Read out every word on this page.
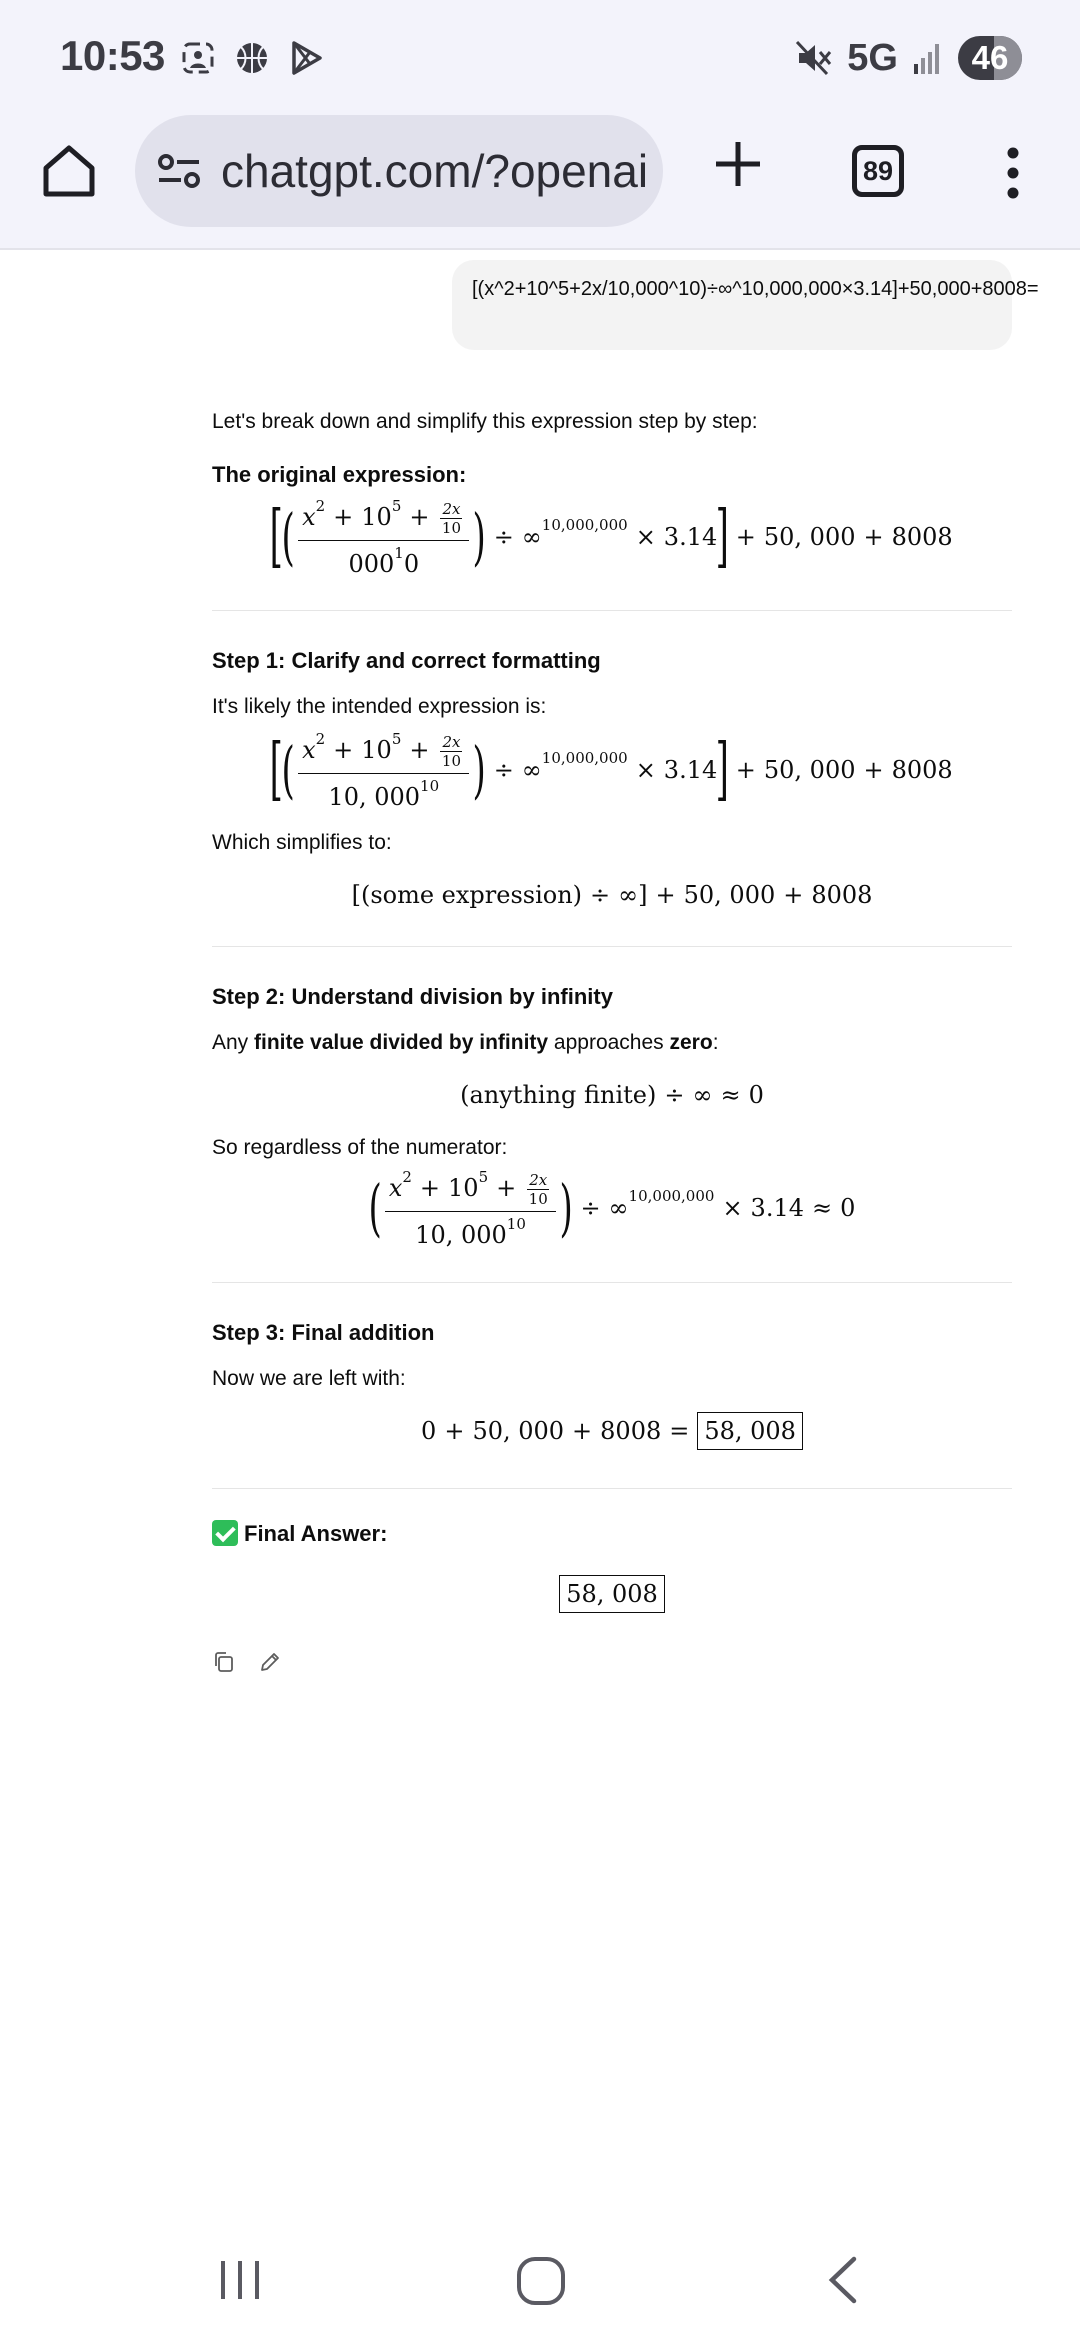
10:53	5G 46
chatgpt.com/?openai	89
[(x^2+10^5+2x/10,000^10)÷∞^10,000,000×3.14]+50,000+8008=
Let's break down and simplify this expression step by step:
The original expression:
[
( $\frac{x^2 + 10^5 + \frac{2x}{10}}{000^10}$ ) ÷ ∞ 10,000,000 × 3.14
] + 50, 000 + 8008
Step 1: Clarify and correct formatting
It's likely the intended expression is:
[
( $\frac{x^2 + 10^5 + \frac{2x}{10}}{10, 000^{10}}$ ) ÷ ∞ 10,000,000 × 3.14
] + 50, 000 + 8008
Which simplifies to:
[ (some expression) ÷ ∞ ] + 50, 000 + 8008
Step 2: Understand division by infinity
Any finite value divided by infinity approaches zero:
(anything finite) ÷ ∞ ≈ 0
So regardless of the numerator:
( $\frac{x^2 + 10^5 + \frac{2x}{10}}{10, 000^{10}}$ ) ÷ ∞ 10,000,000 × 3.14 ≈ 0
Step 3: Final addition
Now we are left with:
0 + 50, 000 + 8008 = 58, 008
Final Answer:
58, 008
